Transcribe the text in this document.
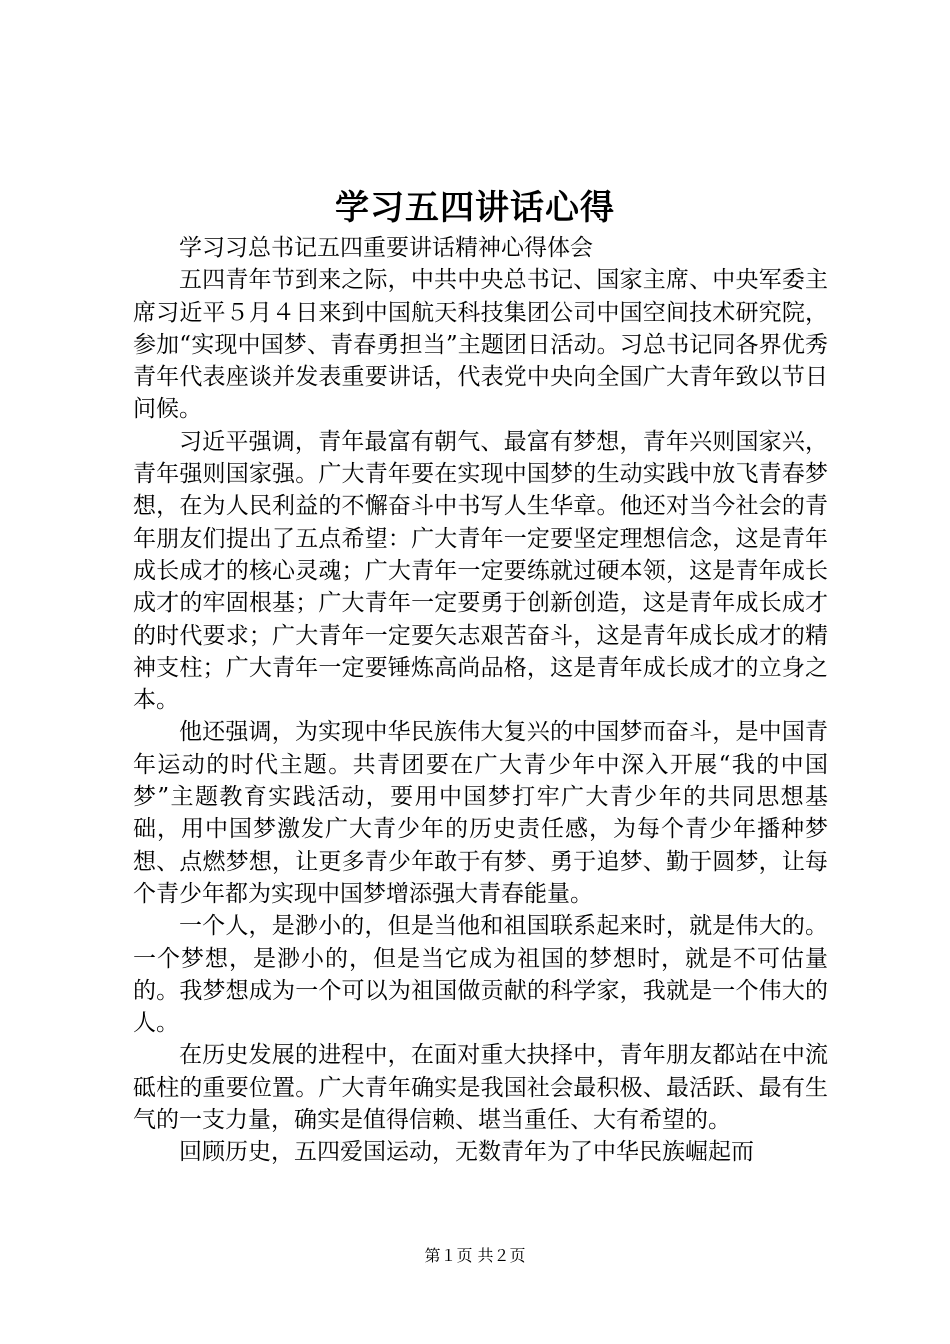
学习五四讲话心得

学习习总书记五四重要讲话精神心得体会

五四青年节到来之际，中共中央总书记、国家主席、中央军委主席习近平５月４日来到中国航天科技集团公司中国空间技术研究院，参加“实现中国梦、青春勇担当”主题团日活动。习总书记同各界优秀青年代表座谈并发表重要讲话，代表党中央向全国广大青年致以节日问候。

习近平强调，青年最富有朝气、最富有梦想，青年兴则国家兴，青年强则国家强。广大青年要在实现中国梦的生动实践中放飞青春梦想，在为人民利益的不懈奋斗中书写人生华章。他还对当今社会的青年朋友们提出了五点希望：广大青年一定要坚定理想信念，这是青年成长成才的核心灵魂；广大青年一定要练就过硬本领，这是青年成长成才的牢固根基；广大青年一定要勇于创新创造，这是青年成长成才的时代要求；广大青年一定要矢志艰苦奋斗，这是青年成长成才的精神支柱；广大青年一定要锤炼高尚品格，这是青年成长成才的立身之本。

他还强调，为实现中华民族伟大复兴的中国梦而奋斗，是中国青年运动的时代主题。共青团要在广大青少年中深入开展“我的中国梦”主题教育实践活动，要用中国梦打牢广大青少年的共同思想基础，用中国梦激发广大青少年的历史责任感，为每个青少年播种梦想、点燃梦想，让更多青少年敢于有梦、勇于追梦、勤于圆梦，让每个青少年都为实现中国梦增添强大青春能量。

一个人，是渺小的，但是当他和祖国联系起来时，就是伟大的。一个梦想，是渺小的，但是当它成为祖国的梦想时，就是不可估量的。我梦想成为一个可以为祖国做贡献的科学家，我就是一个伟大的人。

在历史发展的进程中，在面对重大抉择中，青年朋友都站在中流砥柱的重要位置。广大青年确实是我国社会最积极、最活跃、最有生气的一支力量，确实是值得信赖、堪当重任、大有希望的。

回顾历史，五四爱国运动，无数青年为了中华民族崛起而

第１页 共２页
